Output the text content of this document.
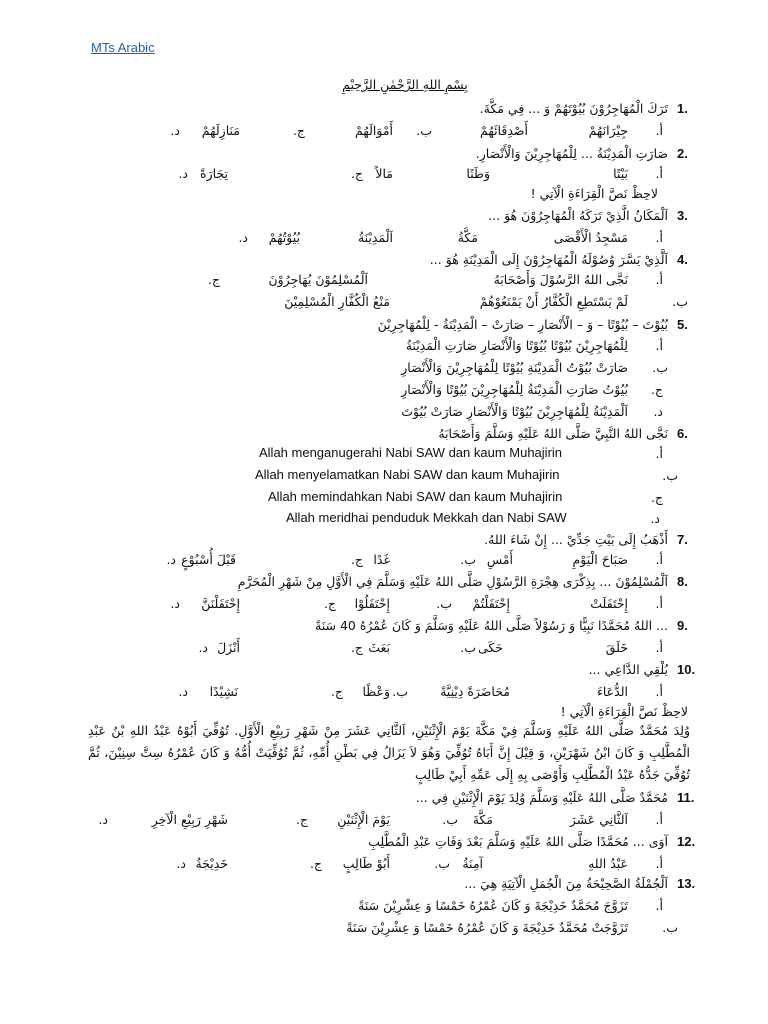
MTs Arabic
بِسْمِ اللهِ الرَّحْمٰنِ الرَّحِيْمِ
1.
تَرَكَ الْمُهَاجِرُوْنَ بُيُوْتَهُمْ وَ ... فِي مَكَّةَ.
أ.
جِيْرَانَهُمْ
أَصْدِقَائَهُمْ
ب.
أَمْوَالَهُمْ
ج.
مَنَازِلَهُمْ
د.
2.
صَارَتِ الْمَدِيْنَةُ ... لِلْمُهَاجِرِيْنَ وَالْأَنْصَارِ.
أ.
بَيْتًا
وَطَنًا
مَالاً
ج.
تِجَارَةً
د.
لاحِظْ نَصَّ الْقِرَاءَةِ الْآتِي !
3.
اَلْمَكَانُ الَّذِيْ تَرَكَهُ الْمُهَاجِرُوْنَ هُوَ ...
أ.
مَسْجِدُ الْأَقْصَى
مَكَّةُ
اَلْمَدِيْنَةُ
بُيُوْتُهُمْ
د.
4.
اَلَّذِيْ يَسَّرَ وُصُوْلَهُ الْمُهَاجِرُوْنَ إِلَى الْمَدِيْنَةِ هُوَ ...
أ.
نَجَّى اللهُ الرَّسُوْلَ وَأَصْحَابَهُ
اَلْمُسْلِمُوْنَ يُهَاجِرُوْنَ
ج.
ب.
لَمْ يَسْتَطِعِ الْكُفَّارُ أَنْ يَمْنَعُوْهُمْ
مَنْعُ الْكُفَّارِ الْمُسْلِمِيْنَ
5.
بُيُوْتَ – بُيُوْتًا – وَ – الْأَنْصَارِ – صَارَتْ – الْمَدِيْنَةُ - لِلْمُهَاجِرِيْنَ
أ.
لِلْمُهَاجِرِيْنَ بُيُوْتًا بُيُوْتًا وَالْأَنْصَارِ صَارَتِ الْمَدِيْنَةُ
ب.
صَارَتْ بُيُوْتُ الْمَدِيْنَةِ بُيُوْتًا لِلْمُهَاجِرِيْنَ وَالْأَنْصَارِ
ج.
بُيُوْتُ صَارَتِ الْمَدِيْنَةُ لِلْمُهَاجِرِيْنَ بُيُوْتًا وَالْأَنْصَارِ
د.
اَلْمَدِيْنَةُ لِلْمُهَاجِرِيْنَ بُيُوْتًا وَالْأَنْصَارِ صَارَتْ بُيُوْتَ
6.
نَجَّى اللهُ النَّبِيَّ صَلَّى اللهُ عَلَيْهِ وَسَلَّمَ وَأَصْحَابَهُ
أ.
Allah menganugerahi Nabi SAW dan kaum Muhajirin
ب.
Allah menyelamatkan Nabi SAW dan kaum Muhajirin
ج.
Allah memindahkan Nabi SAW dan kaum Muhajirin
د.
Allah meridhai penduduk Mekkah dan Nabi SAW
7.
أَذْهَبُ إِلَى بَيْتِ جَدِّيْ ... إِنْ شَاءَ اللهُ.
أ.
صَبَاحَ الْيَوْمِ
أَمْسِ
ب.
غَدًا
ج.
قَبْلَ أُسْبُوْعٍ
د.
8.
اَلْمُسْلِمُوْنَ ... بِذِكْرَى هِجْرَةِ الرَّسُوْلِ صَلَّى اللهُ عَلَيْهِ وَسَلَّمَ فِي الْأَوَّلِ مِنْ شَهْرِ الْمُحَرَّمِ
أ.
إِحْتَفَلَتْ
إِحْتَفَلْتُمْ
ب.
إِحْتَفَلُوْا
ج.
إِحْتَفَلْنَنَّ
د.
9.
... اللهُ مُحَمَّدًا نَبِيًّا وَ رَسُوْلاً صَلَّى اللهُ عَلَيْهِ وَسَلَّمَ وَ كَانَ عُمْرُهُ 40 سَنَةً
أ.
خَلَقَ
حَكَى
ب.
بَعَثَ
ج.
أَنْزَلَ
د.
10.
يُلْقِي الدَّاعِي ...
أ.
الدُّعَاءَ
مُحَاضَرَةً دِيْنِيَّةً
ب.
وَعْظًا
ج.
نَشِيْدًا
د.
لاحِظْ نَصَّ الْقِرَاءَةِ الْآتِي !
وُلِدَ مُحَمَّدٌ صَلَّى اللهُ عَلَيْهِ وَسَلَّمَ فِيْ مَكَّةَ يَوْمَ الْإِثْنَيْنِ، اَلثَّانِي عَشَرَ مِنْ شَهْرِ رَبِيْعِ الْأَوَّلِ. تُوُفِّيَ أَبُوْهُ عَبْدُ اللهِ بْنُ عَبْدِ الْمُطَّلِبِ وَ كَانَ ابْنُ شَهْرَيْنِ، وَ قِيْلَ إِنَّ أَبَاهُ تُوُفِّيَ وَهُوَ لاَ يَزَالُ فِي بَطْنِ أُمِّهِ، ثُمَّ تُوُفِّيَتْ أُمُّهُ وَ كَانَ عُمْرُهُ سِتَّ سِنِيْنَ، ثُمَّ تُوُفِّيَ جَدُّهُ عَبْدُ الْمُطَّلِبِ وَأَوْصَى بِهِ إِلَى عَمِّهِ أَبِيْ طَالِبٍ
11.
مُحَمَّدٌ صَلَّى اللهُ عَلَيْهِ وَسَلَّمَ وُلِدَ يَوْمَ الْإِثْنَيْنِ فِي ...
أ.
اَلثَّانِي عَشَرَ
مَكَّةَ
ب.
يَوْمَ الْإِثْنَيْنِ
ج.
شَهْرِ رَبِيْعِ الْآخِرِ
د.
12.
آوَى ... مُحَمَّدًا صَلَّى اللهُ عَلَيْهِ وَسَلَّمَ بَعْدَ وَفَاتِ عَبْدِ الْمُطَّلِبِ
أ.
عَبْدُ اللهِ
آمِنَةُ
ب.
أَبُوْ طَالِبٍ
ج.
خَدِيْجَةُ
د.
13.
اَلْجُمْلَةُ الصَّحِيْحَةُ مِنَ الْجُمَلِ الْآتِيَةِ هِيَ ...
أ.
تَزَوَّجَ مُحَمَّدٌ خَدِيْجَةَ وَ كَانَ عُمْرُهُ خَمْسًا وَ عِشْرِيْنَ سَنَةً
ب.
تَزَوَّجَتْ مُحَمَّدٌ خَدِيْجَةَ وَ كَانَ عُمْرُهُ خَمْسًا وَ عِشْرِيْنَ سَنَةً
